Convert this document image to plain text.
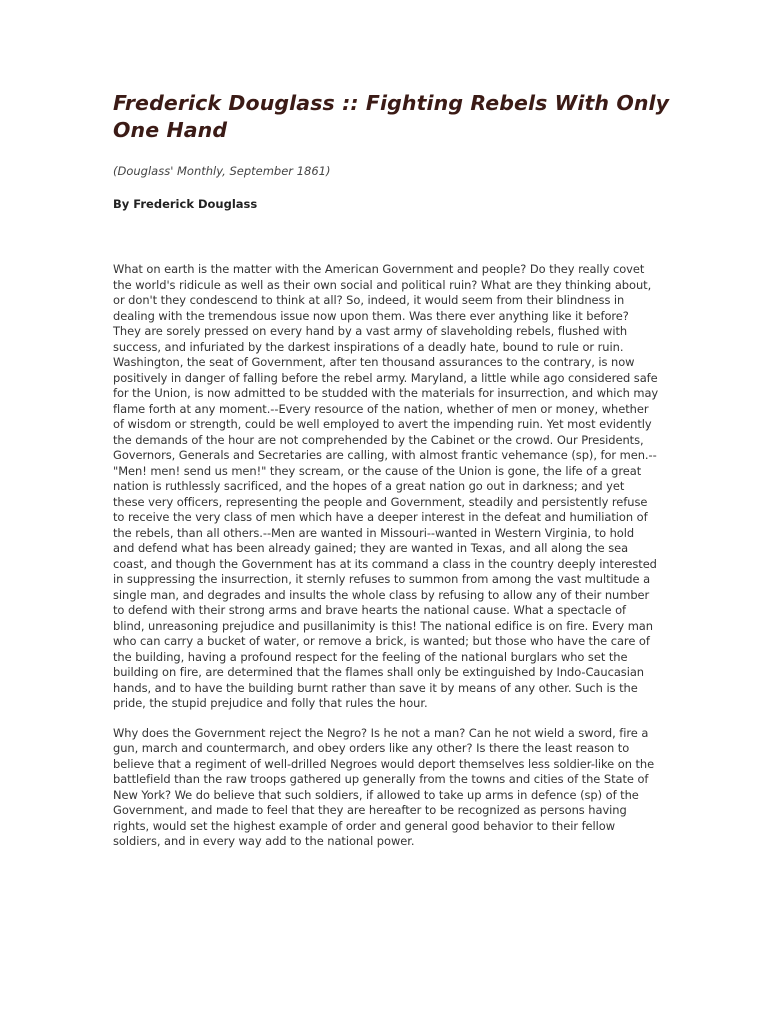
Frederick Douglass :: Fighting Rebels With Only One Hand

(Douglass' Monthly, September 1861)

By Frederick Douglass

What on earth is the matter with the American Government and people? Do they really covet the world's ridicule as well as their own social and political ruin? What are they thinking about, or don't they condescend to think at all? So, indeed, it would seem from their blindness in dealing with the tremendous issue now upon them. Was there ever anything like it before? They are sorely pressed on every hand by a vast army of slaveholding rebels, flushed with success, and infuriated by the darkest inspirations of a deadly hate, bound to rule or ruin. Washington, the seat of Government, after ten thousand assurances to the contrary, is now positively in danger of falling before the rebel army. Maryland, a little while ago considered safe for the Union, is now admitted to be studded with the materials for insurrection, and which may flame forth at any moment.--Every resource of the nation, whether of men or money, whether of wisdom or strength, could be well employed to avert the impending ruin. Yet most evidently the demands of the hour are not comprehended by the Cabinet or the crowd. Our Presidents, Governors, Generals and Secretaries are calling, with almost frantic vehemance (sp), for men.--"Men! men! send us men!" they scream, or the cause of the Union is gone, the life of a great nation is ruthlessly sacrificed, and the hopes of a great nation go out in darkness; and yet these very officers, representing the people and Government, steadily and persistently refuse to receive the very class of men which have a deeper interest in the defeat and humiliation of the rebels, than all others.--Men are wanted in Missouri--wanted in Western Virginia, to hold and defend what has been already gained; they are wanted in Texas, and all along the sea coast, and though the Government has at its command a class in the country deeply interested in suppressing the insurrection, it sternly refuses to summon from among the vast multitude a single man, and degrades and insults the whole class by refusing to allow any of their number to defend with their strong arms and brave hearts the national cause. What a spectacle of blind, unreasoning prejudice and pusillanimity is this! The national edifice is on fire. Every man who can carry a bucket of water, or remove a brick, is wanted; but those who have the care of the building, having a profound respect for the feeling of the national burglars who set the building on fire, are determined that the flames shall only be extinguished by Indo-Caucasian hands, and to have the building burnt rather than save it by means of any other. Such is the pride, the stupid prejudice and folly that rules the hour.

Why does the Government reject the Negro? Is he not a man? Can he not wield a sword, fire a gun, march and countermarch, and obey orders like any other? Is there the least reason to believe that a regiment of well-drilled Negroes would deport themselves less soldier-like on the battlefield than the raw troops gathered up generally from the towns and cities of the State of New York? We do believe that such soldiers, if allowed to take up arms in defence (sp) of the Government, and made to feel that they are hereafter to be recognized as persons having rights, would set the highest example of order and general good behavior to their fellow soldiers, and in every way add to the national power.
